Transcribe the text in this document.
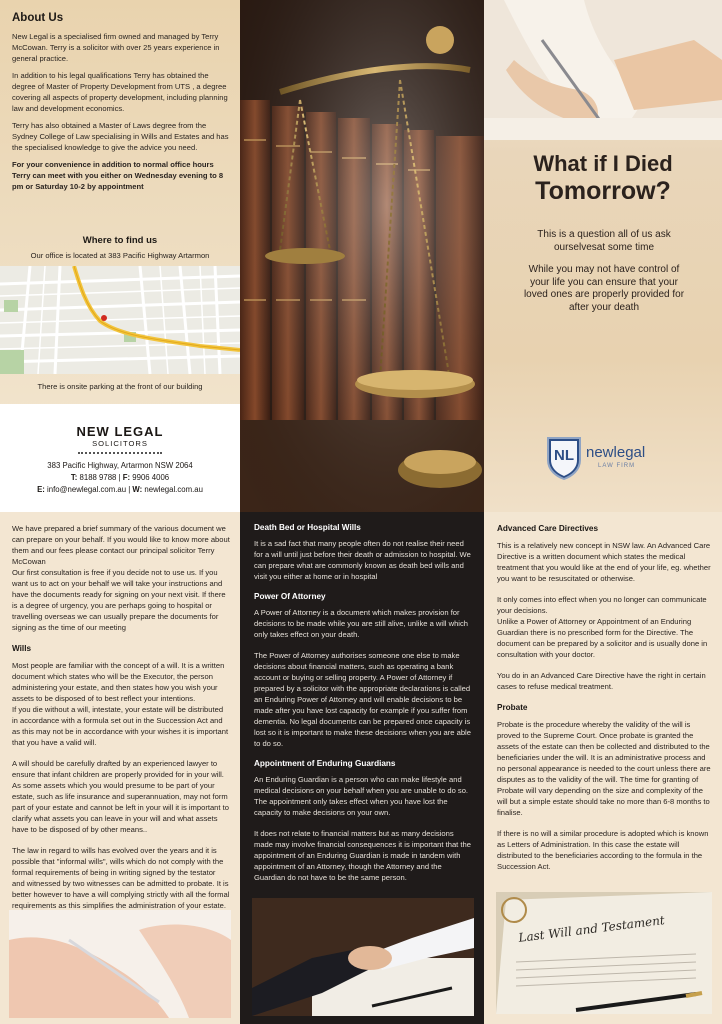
About Us

New Legal is a specialised firm owned and managed by Terry McCowan. Terry is a solicitor with over 25 years experience in general practice.

In addition to his legal qualifications Terry has obtained the degree of Master of Property Development from UTS , a degree covering all aspects of property development, including planning law and development economics.

Terry has also obtained a Master of Laws degree from the Sydney College of Law specialising in Wills and Estates and has the specialised knowledge to give the advice you need.

For your convenience in addition to normal office hours Terry can meet with you either on Wednesday evening to 8 pm or Saturday 10-2 by appointment

Where to find us
Our office is located at 383 Pacific Highway Artarmon
There is onsite parking at the front of our building
NEW LEGAL
SOLICITORS
383 Pacific Highway, Artarmon NSW 2064
T: 8188 9788 | F: 9906 4006
E: info@newlegal.com.au | W: newlegal.com.au
What if I Died
Tomorrow?
This is a question all of us ask ourselvesat some time
While you may not have control of your life you can ensure that your loved ones are properly provided for after your death
NL newlegal
LAW FIRM

We have prepared a brief summary of the various document we can prepare on your behalf. If you would like to know more about them and our fees please contact our principal solicitor Terry McCowan

Our first consultation is free if you decide not to use us. If you want us to act on your behalf we will take your instructions and have the documents ready for signing on your next visit. If there is a degree of urgency, you are perhaps going to hospital or travelling overseas we can usually prepare the documents for signing as the time of our meeting

Wills

Most people are familiar with the concept of a will. It is a written document which states who will be the Executor, the person administering your estate, and then states how you wish your assets to be disposed of to best reflect your intentions.

If you die without a will, intestate, your estate will be distributed in accordance with a formula set out in the Succession Act and as this may not be in accordance with your wishes it is important that you have a valid will.

A will should be carefully drafted by an experienced lawyer to ensure that infant children are properly provided for in your will. As some assets which you would presume to be part of your estate, such as life insurance and superannuation, may not form part of your estate and cannot be left in your will it is important to clarify what assets you can leave in your will and what assets have to be disposed of by other means..

The law in regard to wills has evolved over the years and it is possible that "informal wills", wills which do not comply with the formal requirements of being in writing signed by the testator and witnessed by two witnesses can be admitted to probate. It is better however to have a will complying strictly with all the formal requirements as this simplifies the administration of your estate.

Death Bed or Hospital Wills

It is a sad fact that many people often do not realise their need for a will until just before their death or admission to hospital. We can prepare what are commonly known as death bed wills and visit you either at home or in hospital

Power Of Attorney

A Power of Attorney is a document which makes provision for decisions to be made while you are still alive, unlike a will which only takes effect on your death.

The Power of Attorney authorises someone one else to make decisions about financial matters, such as operating a bank account or buying or selling property. A Power of Attorney if prepared by a solicitor with the appropriate declarations is called an Enduring Power of Attorney and will enable decisions to be made after you have lost capacity for example if you suffer from dementia. No legal documents can be prepared once capacity is lost so it is important to make these decisions when you are able to do so.

Appointment of Enduring Guardians

An Enduring Guardian is a person who can make lifestyle and medical decisions on your behalf when you are unable to do so. The appointment only takes effect when you have lost the capacity to make decisions on your own.

It does not relate to financial matters but as many decisions made may involve financial consequences it is important that the appointment of an Enduring Guardian is made in tandem with appointment of an Attorney, though the Attorney and the Guardian do not have to be the same person.

Advanced Care Directives

This is a relatively new concept in NSW law. An Advanced Care Directive is a written document which states the medical treatment that you would like at the end of your life, eg. whether you want to be resuscitated or otherwise.

It only comes into effect when you no longer can communicate your decisions.

Unlike a Power of Attorney or Appointment of an Enduring Guardian there is no prescribed form for the Directive. The document can be prepared by a solicitor and is usually done in consultation with your doctor.

You do in an Advanced Care Directive have the right in certain cases to refuse medical treatment.

Probate

Probate is the procedure whereby the validity of the will is proved to the Supreme Court. Once probate is granted the assets of the estate can then be collected and distributed to the beneficiaries under the will. It is an administrative process and no personal appearance is needed to the court unless there are disputes as to the validity of the will. The time for granting of Probate will vary depending on the size and complexity of the will but a simple estate should take no more than 6-8 months to finalise.

If there is no will a similar procedure is adopted which is known as Letters of Administration. In this case the estate will distributed to the beneficiaries according to the formula in the Succession Act.

Last Will and Testament
